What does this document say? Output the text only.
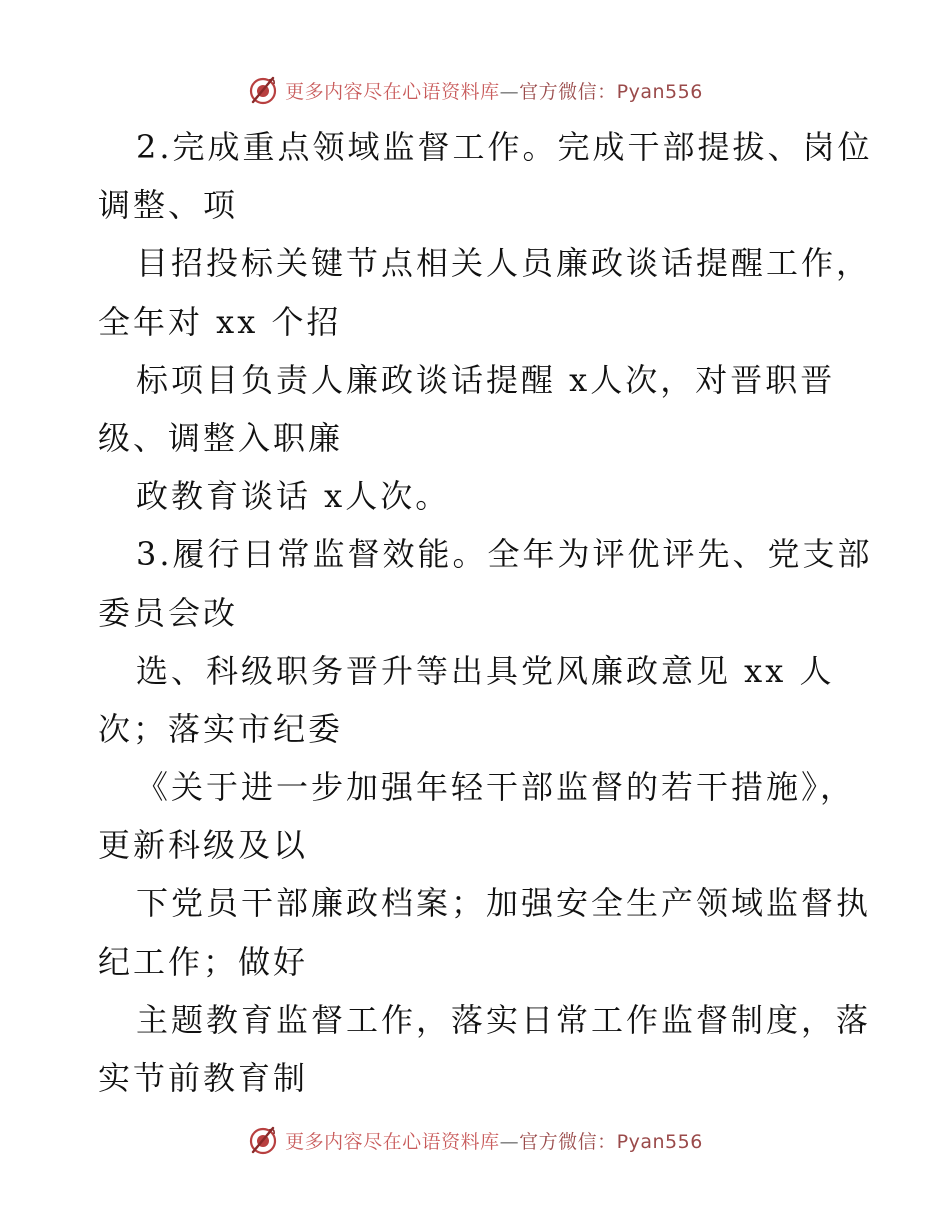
更多内容尽在心语资料库—官方微信：Pyan556
2.完成重点领域监督工作。完成干部提拔、岗位
调整、项
目招投标关键节点相关人员廉政谈话提醒工作，
全年对 xx 个招
标项目负责人廉政谈话提醒 x人次，对晋职晋
级、调整入职廉
政教育谈话 x人次。
3.履行日常监督效能。全年为评优评先、党支部
委员会改
选、科级职务晋升等出具党风廉政意见 xx 人
次；落实市纪委
《关于进一步加强年轻干部监督的若干措施》，
更新科级及以
下党员干部廉政档案；加强安全生产领域监督执
纪工作；做好
主题教育监督工作，落实日常工作监督制度，落
实节前教育制
更多内容尽在心语资料库—官方微信：Pyan556
